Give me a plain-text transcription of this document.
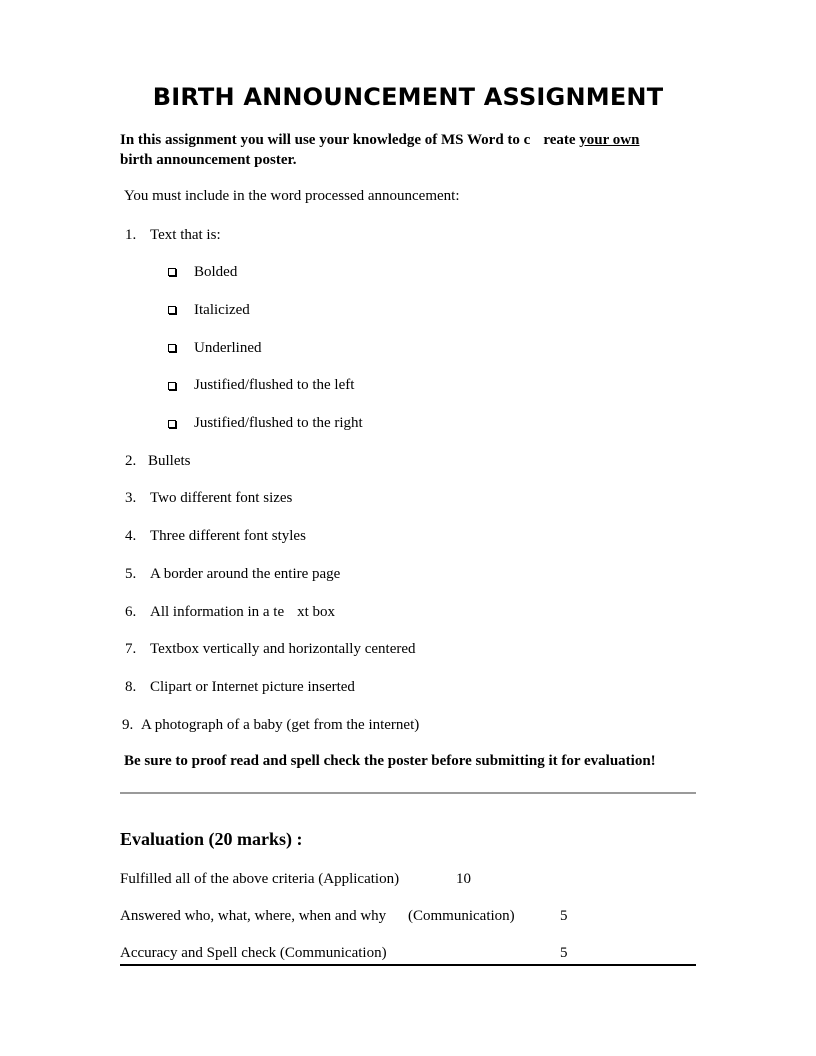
BIRTH ANNOUNCEMENT ASSIGNMENT
In this assignment you will use your knowledge of MS Word to c reate your own
birth announcement poster.
You must include in the word processed announcement:
1. Text that is:
Bolded
Italicized
Underlined
Justified/flushed to the left
Justified/flushed to the right
2. Bullets
3. Two different font sizes
4. Three different font styles
5. A border around the entire page
6. All information in a te xt box
7. Textbox vertically and horizontally centered
8. Clipart or Internet picture inserted
9. A photograph of a baby (get from the internet)
Be sure to proof read and spell check the poster before submitting it for evaluation!
Evaluation (20 marks) :
Fulfilled all of the above criteria (Application)	10
Answered who, what, where, when and why (Communication)	5
Accuracy and Spell check (Communication)	5
